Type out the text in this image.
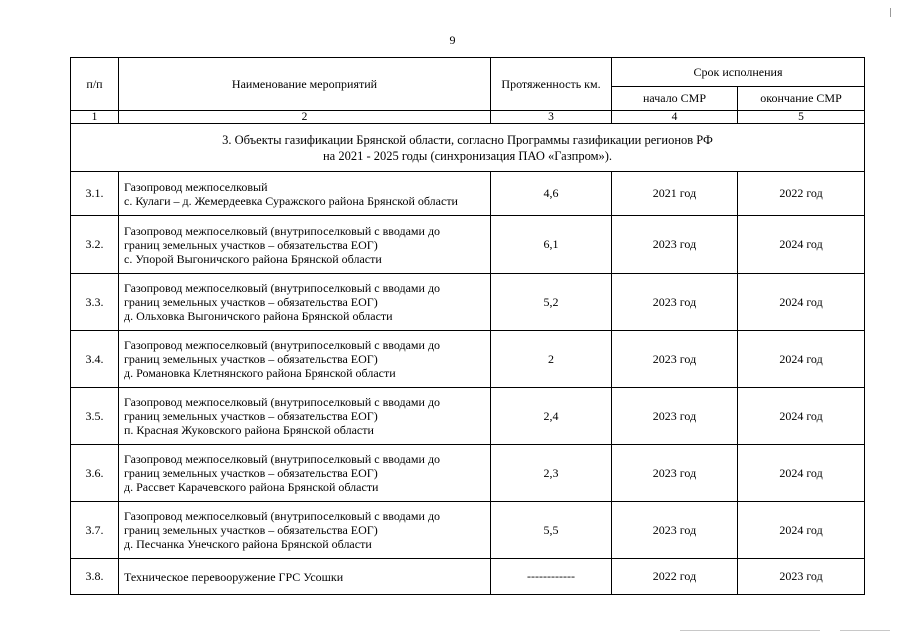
9
п/п	Наименование мероприятий	Протяженность км.	Срок исполнения	
			начало СМР	окончание СМР
1	2	3	4	5

3. Объекты газификации Брянской области, согласно Программы газификации регионов РФ
на 2021 - 2025 годы (синхронизация ПАО «Газпром»).				

3.1.	Газопровод межпоселковый
с. Кулаги – д. Жемердеевка Суражского района Брянской области	4,6	2021 год	2022 год
3.2.	Газопровод межпоселковый (внутрипоселковый с вводами до
границ земельных участков – обязательства ЕОГ)
с. Упорой Выгоничского района Брянской области	6,1	2023 год	2024 год
3.3.	Газопровод межпоселковый (внутрипоселковый с вводами до
границ земельных участков – обязательства ЕОГ)
д. Ольховка Выгоничского района Брянской области	5,2	2023 год	2024 год
3.4.	Газопровод межпоселковый (внутрипоселковый с вводами до
границ земельных участков – обязательства ЕОГ)
д. Романовка Клетнянского района Брянской области	2	2023 год	2024 год
3.5.	Газопровод межпоселковый (внутрипоселковый с вводами до
границ земельных участков – обязательства ЕОГ)
п. Красная Жуковского района Брянской области	2,4	2023 год	2024 год
3.6.	Газопровод межпоселковый (внутрипоселковый с вводами до
границ земельных участков – обязательства ЕОГ)
д. Рассвет Карачевского района Брянской области	2,3	2023 год	2024 год
3.7.	Газопровод межпоселковый (внутрипоселковый с вводами до
границ земельных участков – обязательства ЕОГ)
д. Песчанка Унечского района Брянской области	5,5	2023 год	2024 год
3.8.	Техническое перевооружение ГРС Усошки	------------	2022 год	2023 год
